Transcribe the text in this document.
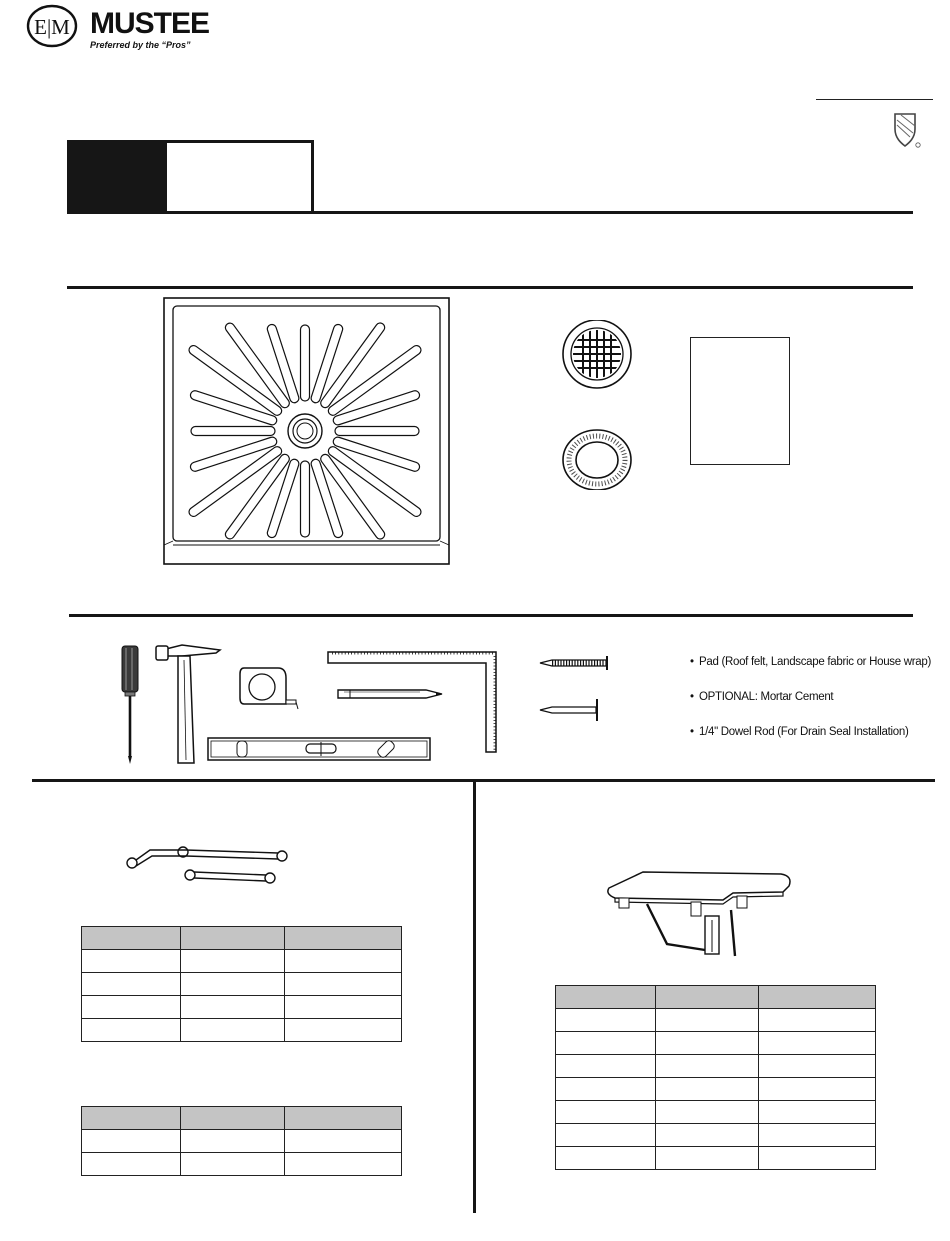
E|M MUSTEE
Preferred by the “Pros”
• Pad (Roof felt, Landscape fabric or House wrap)
• OPTIONAL: Mortar Cement
• 1/4" Dowel Rod (For Drain Seal Installation)
